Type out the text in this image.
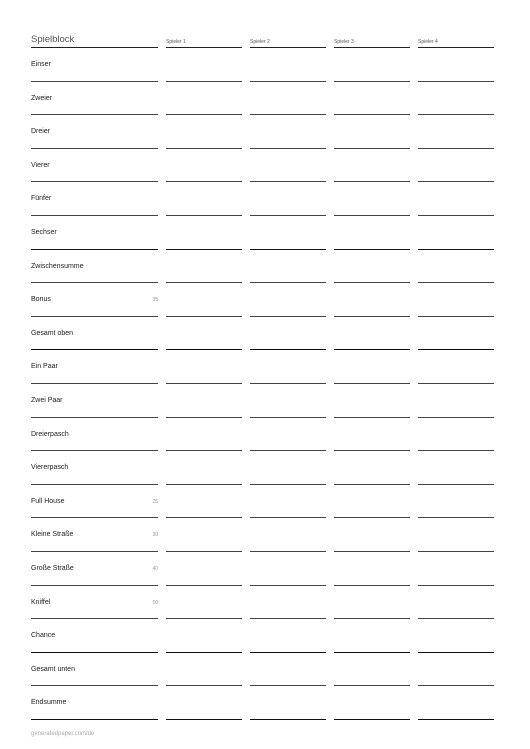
Spielblock	Spieler 1	Spieler 2	Spieler 3	Spieler 4
Einser
Zweier
Dreier
Vierer
Fünfer
Sechser
Zwischensumme
Bonus	35
Gesamt oben
Ein Paar
Zwei Paar
Dreierpasch
Viererpasch
Full House	25
Kleine Straße	30
Große Straße	40
Kniffel	50
Chance
Gesamt unten
Endsumme
generatedpaper.com/de
